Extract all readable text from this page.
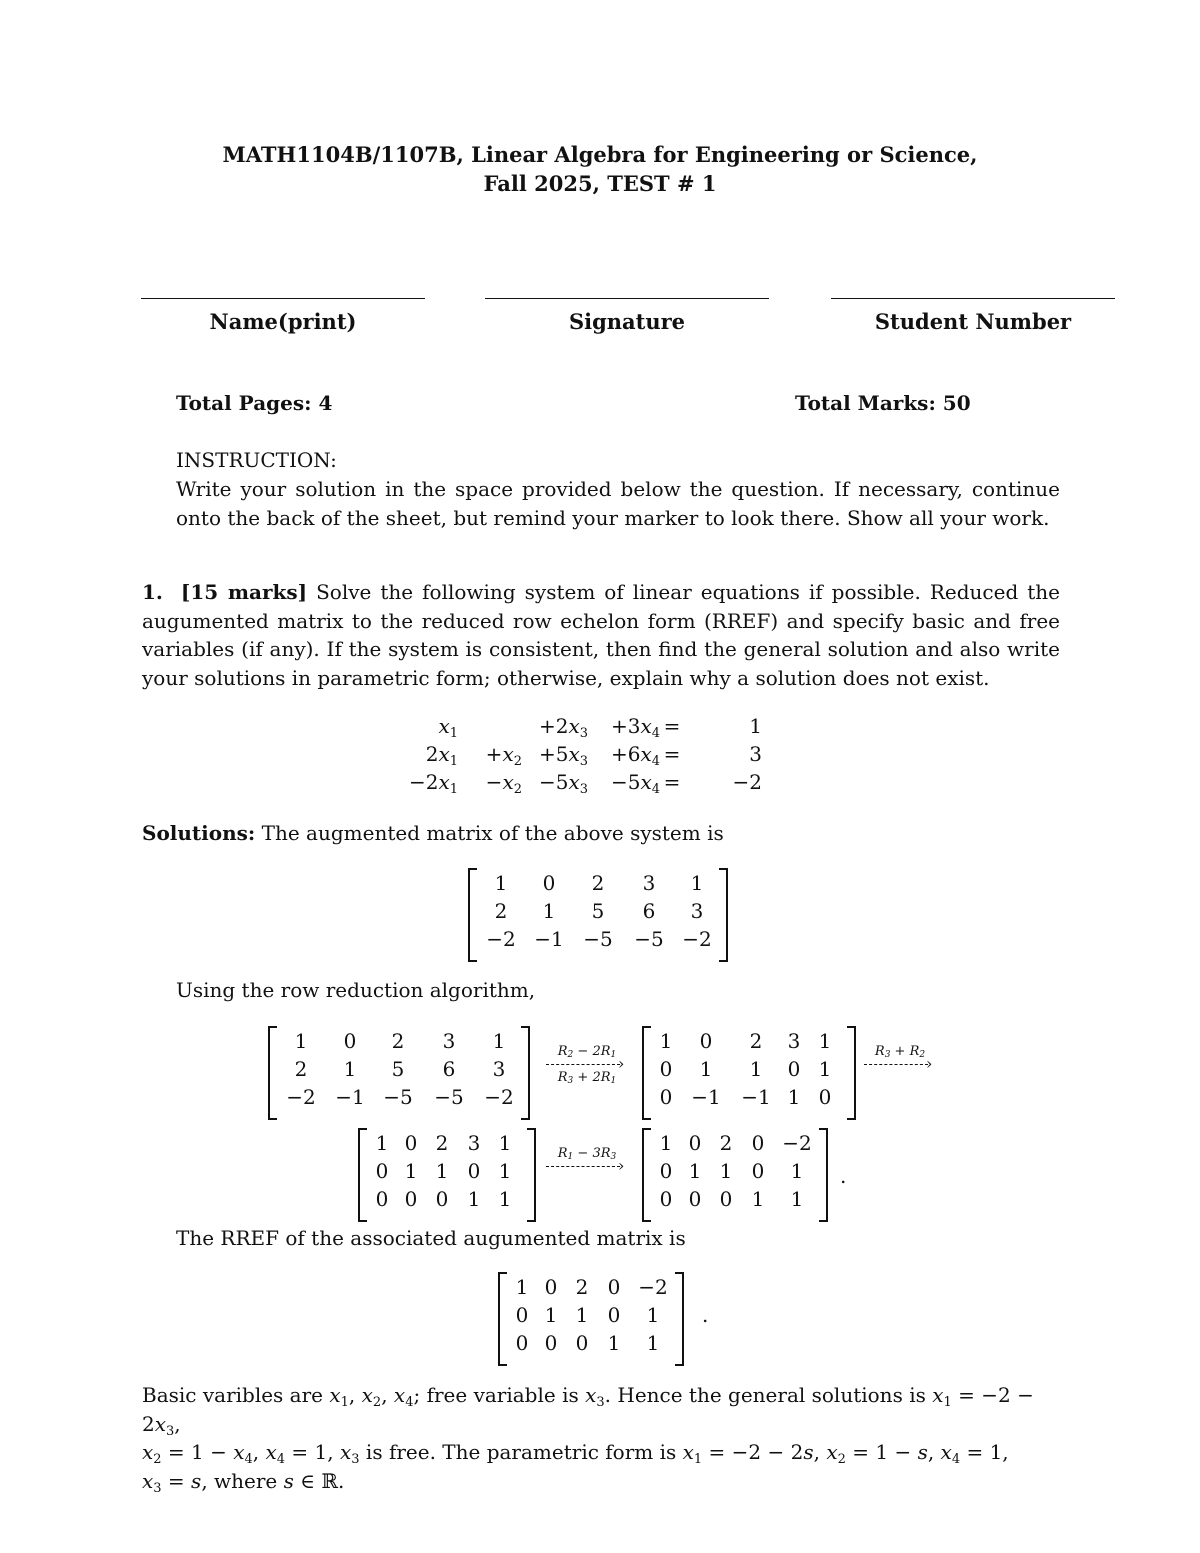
MATH1104B/1107B, Linear Algebra for Engineering or Science,
Fall 2025, TEST # 1
Name(print)	Signature	Student Number
Total Pages: 4	Total Marks: 50
INSTRUCTION:
Write your solution in the space provided below the question. If necessary, continue onto the back of the sheet, but remind your marker to look there. Show all your work.
1. [15 marks] Solve the following system of linear equations if possible. Reduced the augumented matrix to the reduced row echelon form (RREF) and specify basic and free variables (if any). If the system is consistent, then find the general solution and also write your solutions in parametric form; otherwise, explain why a solution does not exist.
$x_1$	$+2x_3$	$+3x_4$ =	1
$2x_1$	$+x_2 +5x_3$	$+6x_4$ =	3
$-2x_1$	$-x_2 -5x_3$	$-5x_4$ =	−2
Solutions: The augmented matrix of the above system is
1	0	2	3	1
2	1	5	6	3
−2 −1 −5 −5 −2
Using the row reduction algorithm,
1	0	2	3	1
2	1	5	6	3
−2 −1 −5 −5 −2
›
$R_2 - 2R_1$
$R_3 + 2R_1$
1	0	2	3 1
0	1	1	0 1
0 −1 −1 1 0
›
$R_3 + R_2$
1 0 2 3 1
0 1 1 0 1
0 0 0 1 1
›
$R_1 - 3R_3$
1 0 2 0 −2
0 1 1 0	1
0 0 0 1	1
.
The RREF of the associated augumented matrix is
1 0 2 0 −2
0 1 1 0	1
0 0 0 1	1
.
Basic varibles are $x_1$, $x_2$, $x_4$; free variable is $x_3$. Hence the general solutions is $x_1 = -2 - 2x_3$,
$x_2 = 1 - x_4$, $x_4 = 1$, $x_3$ is free. The parametric form is $x_1 = -2 - 2s$, $x_2 = 1 - s$, $x_4 = 1$,
$x_3 = s$, where s ∈ ℝ.
